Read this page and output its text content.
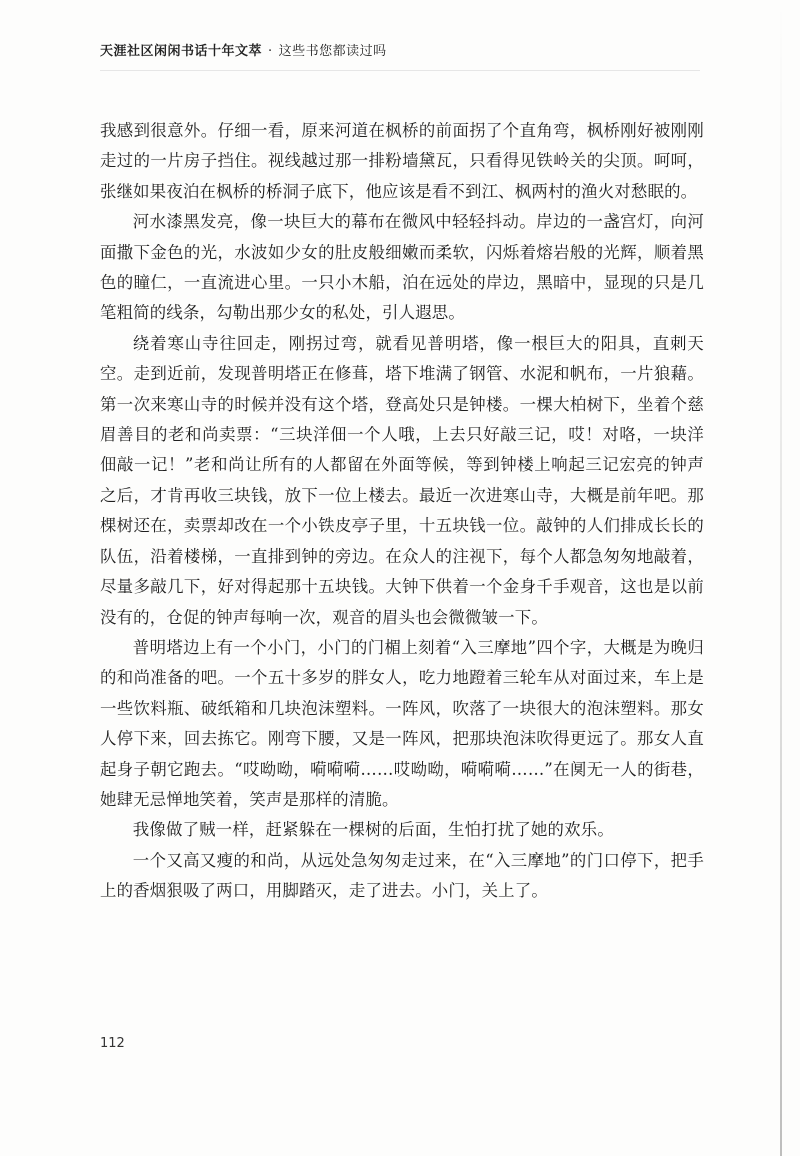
天涯社区闲闲书话十年文萃 · 这些书您都读过吗

我感到很意外。仔细一看，原来河道在枫桥的前面拐了个直角弯，枫桥刚好被刚刚走过的一片房子挡住。视线越过那一排粉墙黛瓦，只看得见铁岭关的尖顶。呵呵，张继如果夜泊在枫桥的桥洞子底下，他应该是看不到江、枫两村的渔火对愁眠的。

河水漆黑发亮，像一块巨大的幕布在微风中轻轻抖动。岸边的一盏宫灯，向河面撒下金色的光，水波如少女的肚皮般细嫩而柔软，闪烁着熔岩般的光辉，顺着黑色的瞳仁，一直流进心里。一只小木船，泊在远处的岸边，黑暗中，显现的只是几笔粗简的线条，勾勒出那少女的私处，引人遐思。

绕着寒山寺往回走，刚拐过弯，就看见普明塔，像一根巨大的阳具，直刺天空。走到近前，发现普明塔正在修葺，塔下堆满了钢管、水泥和帆布，一片狼藉。第一次来寒山寺的时候并没有这个塔，登高处只是钟楼。一棵大柏树下，坐着个慈眉善目的老和尚卖票：“三块洋佃一个人哦，上去只好敲三记，哎！对咯，一块洋佃敲一记！”老和尚让所有的人都留在外面等候，等到钟楼上响起三记宏亮的钟声之后，才肯再收三块钱，放下一位上楼去。最近一次进寒山寺，大概是前年吧。那棵树还在，卖票却改在一个小铁皮亭子里，十五块钱一位。敲钟的人们排成长长的队伍，沿着楼梯，一直排到钟的旁边。在众人的注视下，每个人都急匆匆地敲着，尽量多敲几下，好对得起那十五块钱。大钟下供着一个金身千手观音，这也是以前没有的，仓促的钟声每响一次，观音的眉头也会微微皱一下。

普明塔边上有一个小门，小门的门楣上刻着“入三摩地”四个字，大概是为晚归的和尚准备的吧。一个五十多岁的胖女人，吃力地蹬着三轮车从对面过来，车上是一些饮料瓶、破纸箱和几块泡沫塑料。一阵风，吹落了一块很大的泡沫塑料。那女人停下来，回去拣它。刚弯下腰，又是一阵风，把那块泡沫吹得更远了。那女人直起身子朝它跑去。“哎呦呦，嗬嗬嗬……哎呦呦，嗬嗬嗬……”在阒无一人的街巷，她肆无忌惮地笑着，笑声是那样的清脆。

我像做了贼一样，赶紧躲在一棵树的后面，生怕打扰了她的欢乐。

一个又高又瘦的和尚，从远处急匆匆走过来，在“入三摩地”的门口停下，把手上的香烟狠吸了两口，用脚踏灭，走了进去。小门，关上了。

112
